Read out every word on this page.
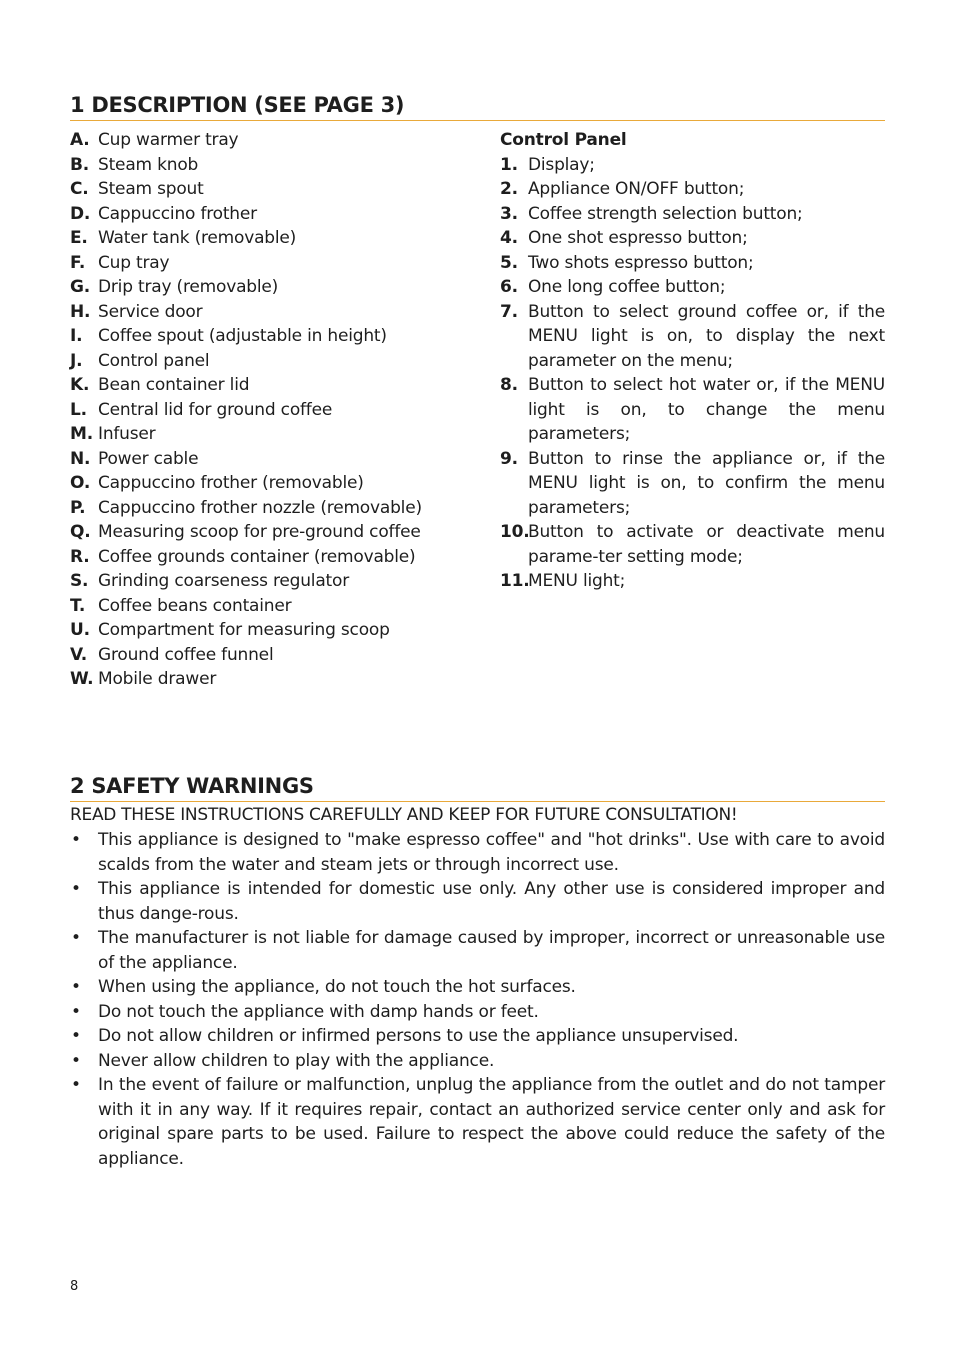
1 DESCRIPTION (SEE PAGE 3)
A. Cup warmer tray
B. Steam knob
C. Steam spout
D. Cappuccino frother
E. Water tank (removable)
F. Cup tray
G. Drip tray (removable)
H. Service door
I. Coffee spout (adjustable in height)
J. Control panel
K. Bean container lid
L. Central lid for ground coffee
M. Infuser
N. Power cable
O. Cappuccino frother (removable)
P. Cappuccino frother nozzle (removable)
Q. Measuring scoop for pre-ground coffee
R. Coffee grounds container (removable)
S. Grinding coarseness regulator
T. Coffee beans container
U. Compartment for measuring scoop
V. Ground coffee funnel
W. Mobile drawer
Control Panel
1. Display;
2. Appliance ON/OFF button;
3. Coffee strength selection button;
4. One shot espresso button;
5. Two shots espresso button;
6. One long coffee button;
7. Button to select ground coffee or, if the MENU light is on, to display the next parameter on the menu;
8. Button to select hot water or, if the MENU light is on, to change the menu parameters;
9. Button to rinse the appliance or, if the MENU light is on, to confirm the menu parameters;
10.
Button to activate or deactivate menu parame-ter setting mode;
11.
MENU light;
2 SAFETY WARNINGS
READ THESE INSTRUCTIONS CAREFULLY AND KEEP FOR FUTURE CONSULTATION!
• This appliance is designed to "make espresso coffee" and "hot drinks". Use with care to avoid scalds from the water and steam jets or through incorrect use.
• This appliance is intended for domestic use only. Any other use is considered improper and thus dange-rous.
• The manufacturer is not liable for damage caused by improper, incorrect or unreasonable use of the appliance.
• When using the appliance, do not touch the hot surfaces.
• Do not touch the appliance with damp hands or feet.
• Do not allow children or infirmed persons to use the appliance unsupervised.
• Never allow children to play with the appliance.
• In the event of failure or malfunction, unplug the appliance from the outlet and do not tamper with it in any way. If it requires repair, contact an authorized service center only and ask for original spare parts to be used. Failure to respect the above could reduce the safety of the appliance.
8
